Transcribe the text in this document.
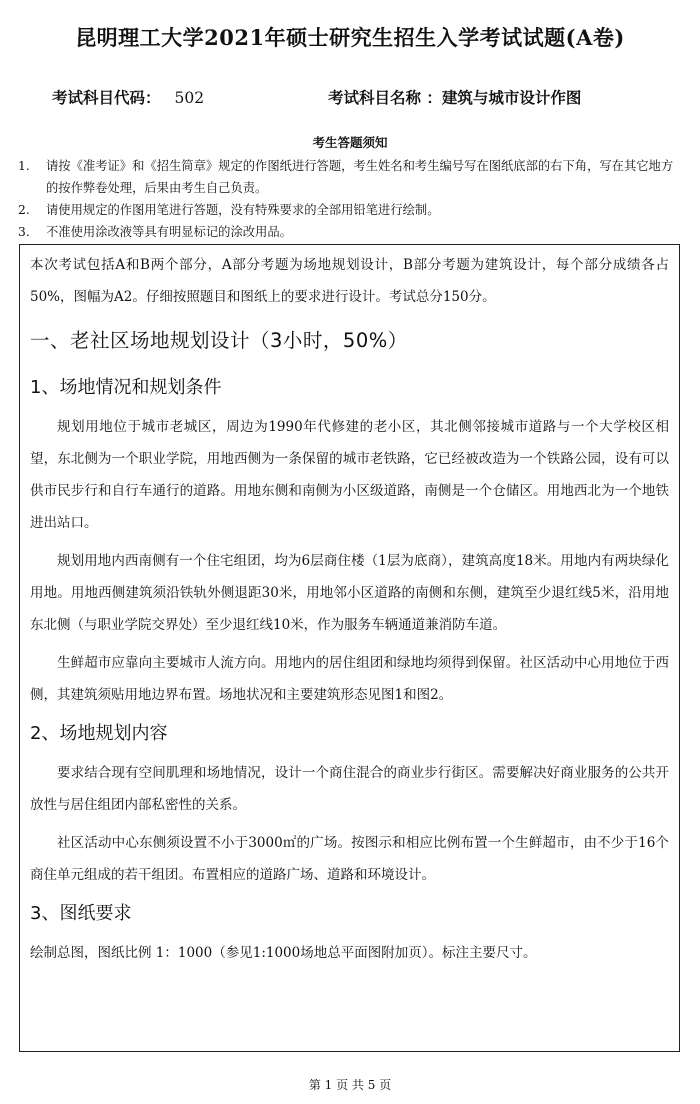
昆明理工大学2021年硕士研究生招生入学考试试题(A卷)
考试科目代码： 502	考试科目名称 ：建筑与城市设计作图
考生答题须知
1. 请按《准考证》和《招生简章》规定的作图纸进行答题，考生姓名和考生编号写在图纸底部的右下角，写在其它地方的按作弊卷处理，后果由考生自己负责。
2. 请使用规定的作图用笔进行答题，没有特殊要求的全部用铅笔进行绘制。
3. 不准使用涂改液等具有明显标记的涂改用品。

本次考试包括A和B两个部分，A部分考题为场地规划设计，B部分考题为建筑设计，每个部分成绩各占50%，图幅为A2。仔细按照题目和图纸上的要求进行设计。考试总分150分。

一、老社区场地规划设计（3小时，50%）
1、场地情况和规划条件

规划用地位于城市老城区，周边为1990年代修建的老小区，其北侧邻接城市道路与一个大学校区相望，东北侧为一个职业学院，用地西侧为一条保留的城市老铁路，它已经被改造为一个铁路公园，设有可以供市民步行和自行车通行的道路。用地东侧和南侧为小区级道路，南侧是一个仓储区。用地西北为一个地铁进出站口。

规划用地内西南侧有一个住宅组团，均为6层商住楼（1层为底商），建筑高度18米。用地内有两块绿化用地。用地西侧建筑须沿铁轨外侧退距30米，用地邻小区道路的南侧和东侧，建筑至少退红线5米，沿用地东北侧（与职业学院交界处）至少退红线10米，作为服务车辆通道兼消防车道。

生鲜超市应靠向主要城市人流方向。用地内的居住组团和绿地均须得到保留。社区活动中心用地位于西侧，其建筑须贴用地边界布置。场地状况和主要建筑形态见图1和图2。

2、场地规划内容

要求结合现有空间肌理和场地情况，设计一个商住混合的商业步行街区。需要解决好商业服务的公共开放性与居住组团内部私密性的关系。

社区活动中心东侧须设置不小于3000㎡的广场。按图示和相应比例布置一个生鲜超市，由不少于16个商住单元组成的若干组团。布置相应的道路广场、道路和环境设计。

3、图纸要求

绘制总图，图纸比例 1：1000（参见1:1000场地总平面图附加页）。标注主要尺寸。

第 1 页 共 5 页
